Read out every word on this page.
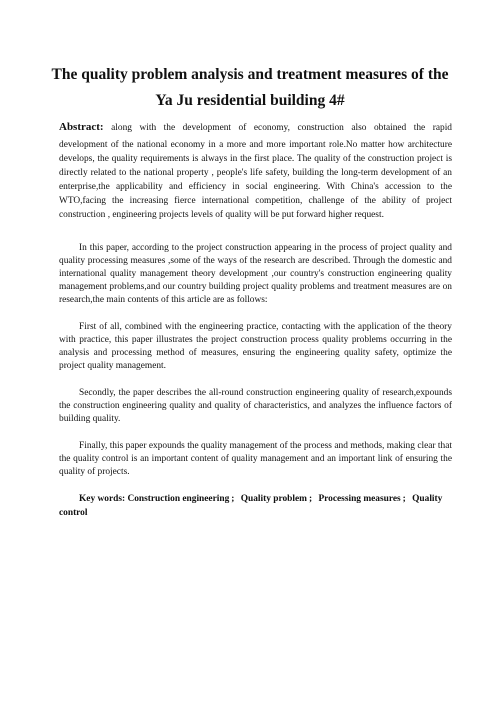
The quality problem analysis and treatment measures of the
Ya Ju residential building 4#
Abstract: along with the development of economy, construction also obtained the rapid
development of the national economy in a more and more important role.No matter how architecture develops, the quality requirements is always in the first place. The quality of the construction project is directly related to the national property , people's life safety, building the long-term development of an enterprise,the applicability and efficiency in social engineering. With China's accession to the WTO,facing the increasing fierce international competition, challenge of the ability of project construction , engineering projects levels of quality will be put forward higher request.

In this paper, according to the project construction appearing in the process of project quality and quality processing measures ,some of the ways of the research are described. Through the domestic and international quality management theory development ,our country's construction engineering quality management problems,and our country building project quality problems and treatment measures are on research,the main contents of this article are as follows:

First of all, combined with the engineering practice, contacting with the application of the theory with practice, this paper illustrates the project construction process quality problems occurring in the analysis and processing method of measures, ensuring the engineering quality safety, optimize the project quality management.

Secondly, the paper describes the all-round construction engineering quality of research,expounds the construction engineering quality and quality of characteristics, and analyzes the influence factors of building quality.

Finally, this paper expounds the quality management of the process and methods, making clear that the quality control is an important content of quality management and an important link of ensuring the quality of projects.

Key words: Construction engineering ; Quality problem ; Processing measures ; Quality control
